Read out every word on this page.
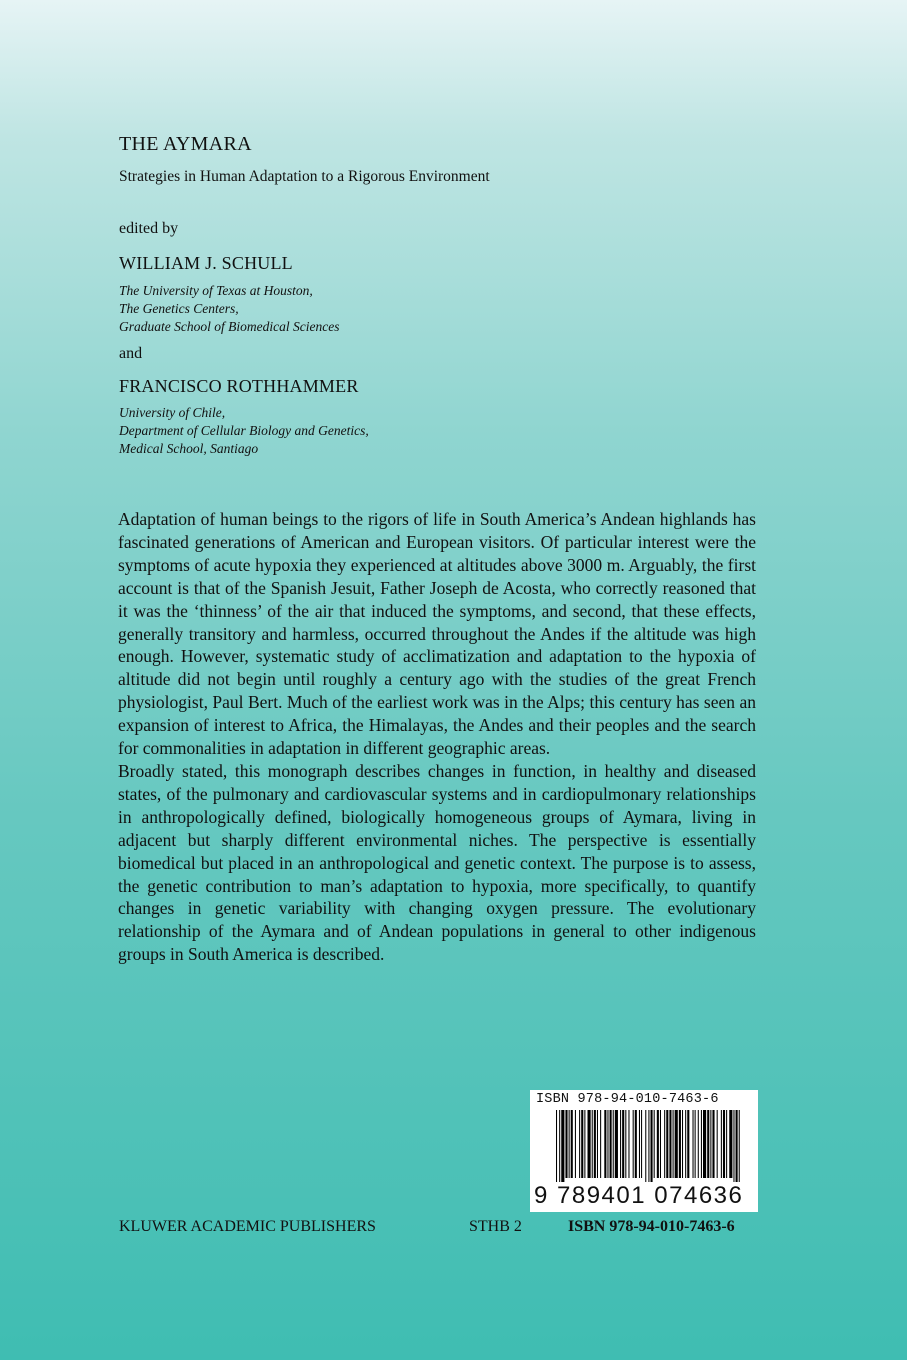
THE AYMARA
Strategies in Human Adaptation to a Rigorous Environment
edited by
WILLIAM J. SCHULL
The University of Texas at Houston,
The Genetics Centers,
Graduate School of Biomedical Sciences
and
FRANCISCO ROTHHAMMER
University of Chile,
Department of Cellular Biology and Genetics,
Medical School, Santiago

Adaptation of human beings to the rigors of life in South America’s Andean highlands has fascinated generations of American and European visitors. Of particular interest were the symptoms of acute hypoxia they experienced at altitudes above 3000 m. Arguably, the first account is that of the Spanish Jesuit, Father Joseph de Acosta, who correctly reasoned that it was the ‘thinness’ of the air that induced the symptoms, and second, that these effects, generally transitory and harmless, occurred throughout the Andes if the altitude was high enough. However, systematic study of acclimatization and adaptation to the hypoxia of altitude did not begin until roughly a century ago with the studies of the great French physiologist, Paul Bert. Much of the earliest work was in the Alps; this century has seen an expansion of interest to Africa, the Himalayas, the Andes and their peoples and the search for commonalities in adaptation in different geographic areas.

Broadly stated, this monograph describes changes in function, in healthy and diseased states, of the pulmonary and cardiovascular systems and in cardiopulmonary relationships in anthropologically defined, biologically homogeneous groups of Aymara, living in adjacent but sharply different environmental niches. The perspective is essentially biomedical but placed in an anthropological and genetic context. The purpose is to assess, the genetic contribution to man’s adaptation to hypoxia, more specifically, to quantify changes in genetic variability with changing oxygen pressure. The evolutionary relationship of the Aymara and of Andean populations in general to other indigenous groups in South America is described.

ISBN 978-94-010-7463-6
9 789401 074636
KLUWER ACADEMIC PUBLISHERS	STHB 2	ISBN 978-94-010-7463-6
